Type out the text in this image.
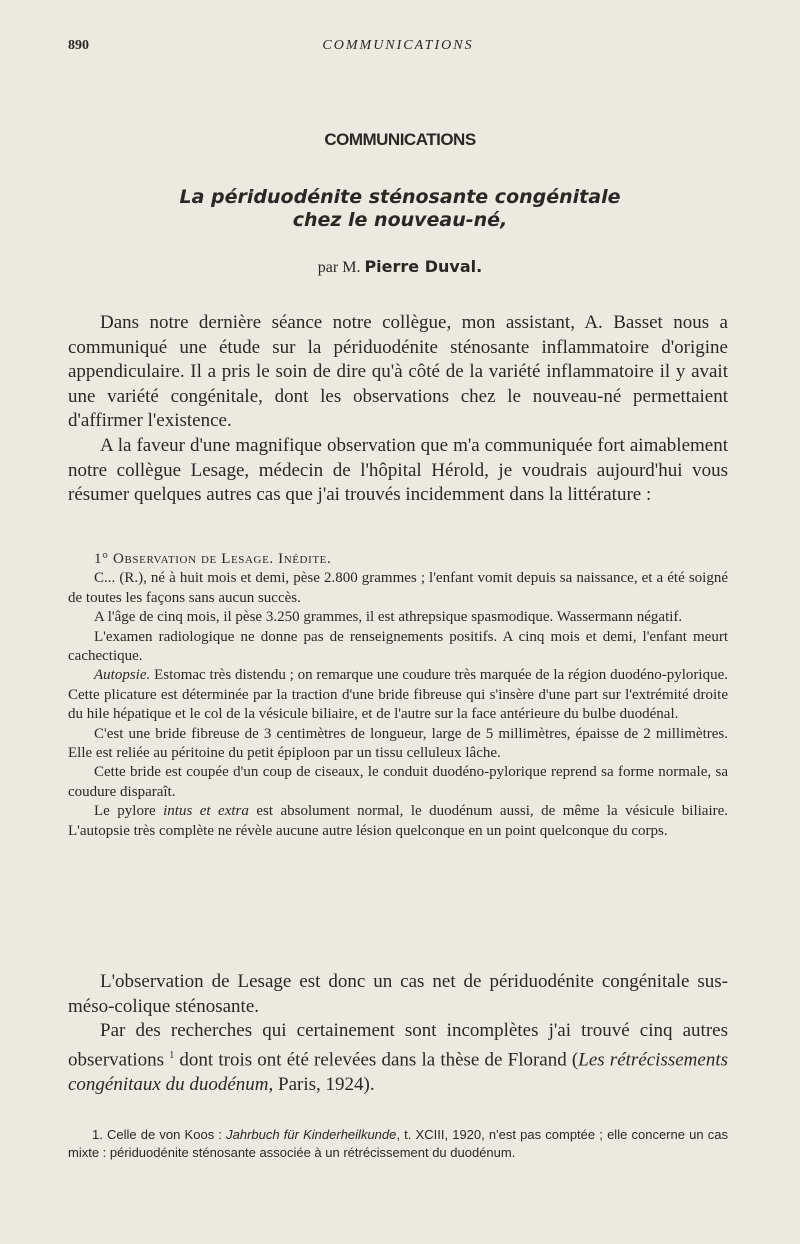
890	COMMUNICATIONS
COMMUNICATIONS
La périduodénite sténosante congénitale
chez le nouveau-né,
par M. Pierre Duval.

Dans notre dernière séance notre collègue, mon assistant, A. Basset nous a communiqué une étude sur la périduodénite sténosante inflammatoire d'origine appendiculaire. Il a pris le soin de dire qu'à côté de la variété inflammatoire il y avait une variété congénitale, dont les observations chez le nouveau-né permettaient d'affirmer l'existence.

A la faveur d'une magnifique observation que m'a communiquée fort aimablement notre collègue Lesage, médecin de l'hôpital Hérold, je voudrais aujourd'hui vous résumer quelques autres cas que j'ai trouvés incidemment dans la littérature :

1° Observation de Lesage. Inédite.

C... (R.), né à huit mois et demi, pèse 2.800 grammes ; l'enfant vomit depuis sa naissance, et a été soigné de toutes les façons sans aucun succès.

A l'âge de cinq mois, il pèse 3.250 grammes, il est athrepsique spasmodique. Wassermann négatif.

L'examen radiologique ne donne pas de renseignements positifs. A cinq mois et demi, l'enfant meurt cachectique.

Autopsie. Estomac très distendu ; on remarque une coudure très marquée de la région duodéno-pylorique. Cette plicature est déterminée par la traction d'une bride fibreuse qui s'insère d'une part sur l'extrémité droite du hile hépatique et le col de la vésicule biliaire, et de l'autre sur la face antérieure du bulbe duodénal.

C'est une bride fibreuse de 3 centimètres de longueur, large de 5 millimètres, épaisse de 2 millimètres. Elle est reliée au péritoine du petit épiploon par un tissu celluleux lâche.

Cette bride est coupée d'un coup de ciseaux, le conduit duodéno-pylorique reprend sa forme normale, sa coudure disparaît.

Le pylore intus et extra est absolument normal, le duodénum aussi, de même la vésicule biliaire. L'autopsie très complète ne révèle aucune autre lésion quelconque en un point quelconque du corps.

L'observation de Lesage est donc un cas net de périduodénite congénitale sus-méso-colique sténosante.

Par des recherches qui certainement sont incomplètes j'ai trouvé cinq autres observations $^1$ dont trois ont été relevées dans la thèse de Florand (Les rétrécissements congénitaux du duodénum, Paris, 1924).

1. Celle de von Koos : Jahrbuch für Kinderheilkunde, t. XCIII, 1920, n'est pas comptée ; elle concerne un cas mixte : périduodénite sténosante associée à un rétrécissement du duodénum.
